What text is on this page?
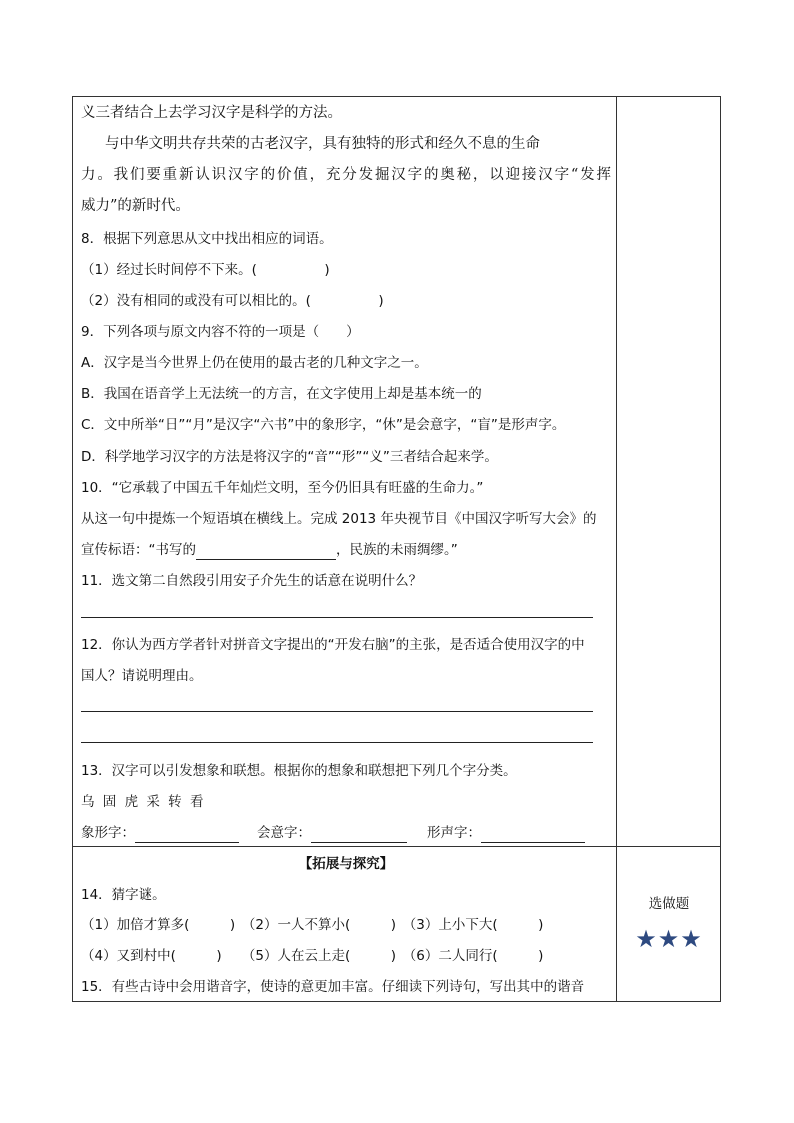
义三者结合上去学习汉字是科学的方法。
与中华文明共存共荣的古老汉字，具有独特的形式和经久不息的生命
力。我们要重新认识汉字的价值，充分发掘汉字的奥秘，以迎接汉字“发挥
威力”的新时代。
8．根据下列意思从文中找出相应的词语。
（1）经过长时间停不下来。(　　　　　)
（2）没有相同的或没有可以相比的。(　　　　　)
9．下列各项与原文内容不符的一项是（　　）
A．汉字是当今世界上仍在使用的最古老的几种文字之一。
B．我国在语音学上无法统一的方言，在文字使用上却是基本统一的
C．文中所举“日”“月”是汉字“六书”中的象形字，“休”是会意字，“盲”是形声字。
D．科学地学习汉字的方法是将汉字的“音”“形”“义”三者结合起来学。
10．“它承载了中国五千年灿烂文明，至今仍旧具有旺盛的生命力。”
从这一句中提炼一个短语填在横线上。完成 2013 年央视节目《中国汉字听写大会》的
宣传标语：“书写的	，民族的未雨绸缪。”
11．选文第二自然段引用安子介先生的话意在说明什么？
12．你认为西方学者针对拼音文字提出的“开发右脑”的主张，是否适合使用汉字的中
国人？请说明理由。
13．汉字可以引发想象和联想。根据你的想象和联想把下列几个字分类。
乌 固 虎 采 转 看
象形字：	会意字：	形声字：
【拓展与探究】
14．猜字谜。
（1）加倍才算多(　　　)　（2）一人不算小(　　　)　（3）上小下大(　　　)
（4）又到村中(　　　)　　（5）人在云上走(　　　)　（6）二人同行(　　　)
15．有些古诗中会用谐音字，使诗的意更加丰富。仔细读下列诗句，写出其中的谐音
选做题
★★★
